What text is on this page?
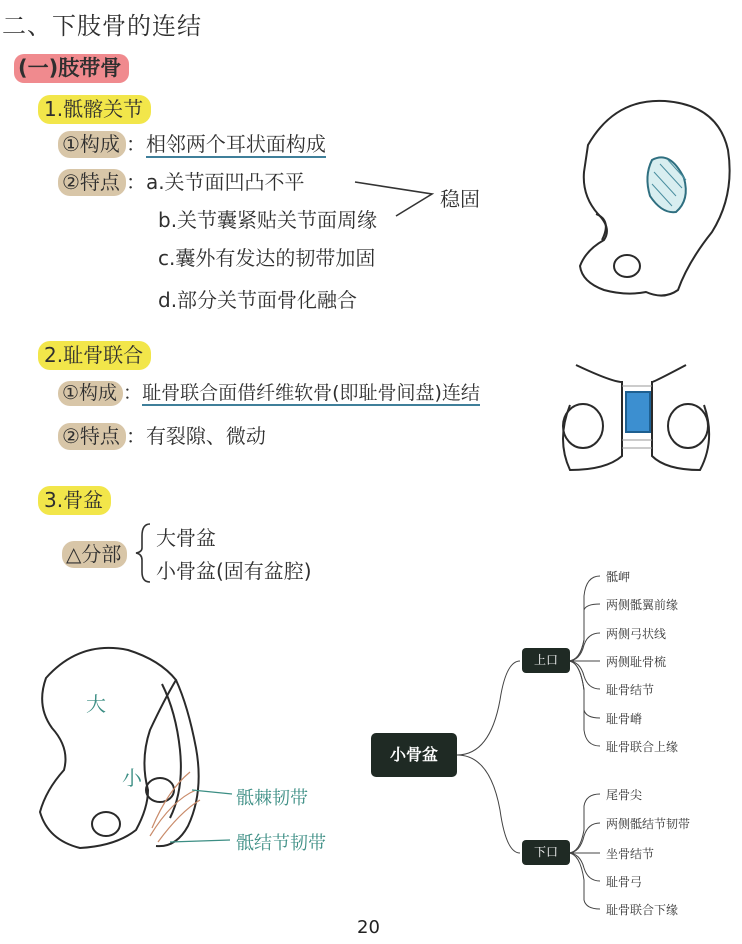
二、下肢骨的连结
(一)肢带骨
1.骶髂关节
①构成 ：相邻两个耳状面构成
②特点 ：a.关节面凹凸不平
b.关节囊紧贴关节面周缘
c.囊外有发达的韧带加固
d.部分关节面骨化融合
稳固
2.耻骨联合
①构成 ：耻骨联合面借纤维软骨(即耻骨间盘)连结
②特点 ：有裂隙、微动
3.骨盆
△分部
大骨盆
小骨盆(固有盆腔)
大
小
骶棘韧带
骶结节韧带
小骨盆
上口
下口
骶岬
两侧骶翼前缘
两侧弓状线
两侧耻骨梳
耻骨结节
耻骨嵴
耻骨联合上缘
尾骨尖
两侧骶结节韧带
坐骨结节
耻骨弓
耻骨联合下缘
20
